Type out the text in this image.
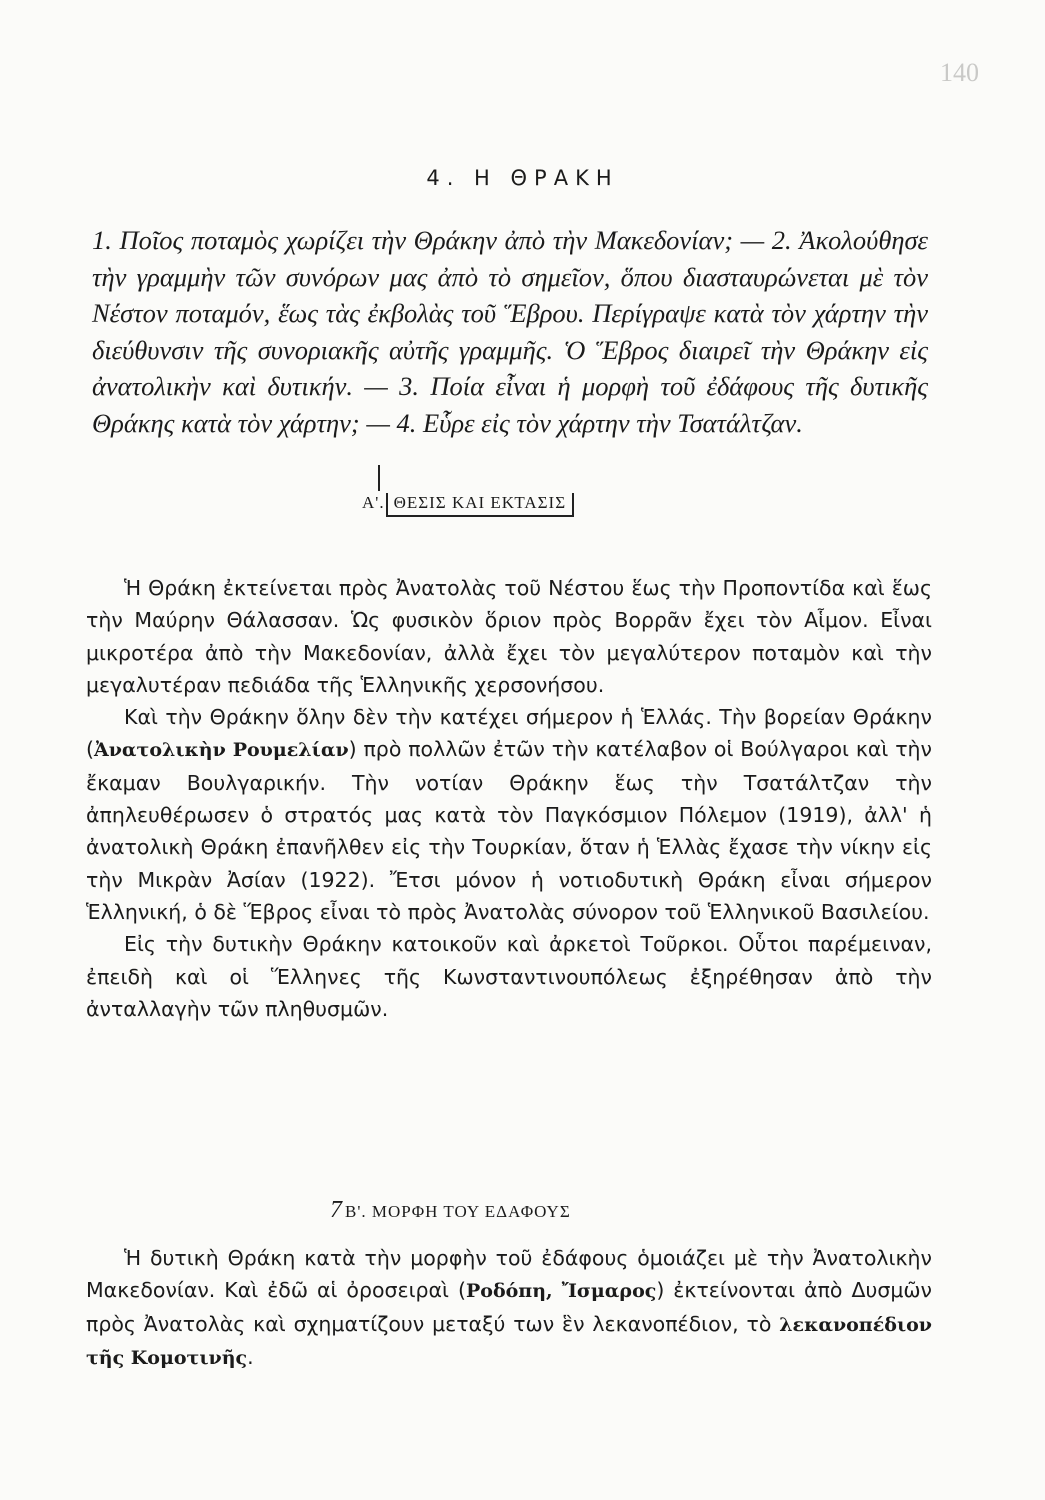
140
4. Η ΘΡΑΚΗ
1. Ποῖος ποταμὸς χωρίζει τὴν Θράκην ἀπὸ τὴν Μακεδονίαν; — 2. Ἀκολούθησε τὴν γραμμὴν τῶν συνόρων μας ἀπὸ τὸ σημεῖον, ὅπου διασταυρώνεται μὲ τὸν Νέστον ποταμόν, ἕως τὰς ἐκβολὰς τοῦ Ἕβρου. Περίγραψε κατὰ τὸν χάρτην τὴν διεύθυνσιν τῆς συνοριακῆς αὐτῆς γραμμῆς. Ὁ Ἕβρος διαιρεῖ τὴν Θράκην εἰς ἀνατολικὴν καὶ δυτικήν. — 3. Ποία εἶναι ἡ μορφὴ τοῦ ἐδάφους τῆς δυτικῆς Θράκης κατὰ τὸν χάρτην; — 4. Εὗρε εἰς τὸν χάρτην τὴν Τσατάλτζαν.
Α'. ΘΕΣΙΣ ΚΑΙ ΕΚΤΑΣΙΣ

Ἡ Θράκη ἐκτείνεται πρὸς Ἀνατολὰς τοῦ Νέστου ἕως τὴν Προποντίδα καὶ ἕως τὴν Μαύρην Θάλασσαν. Ὡς φυσικὸν ὅριον πρὸς Βορρᾶν ἔχει τὸν Αἷμον. Εἶναι μικροτέρα ἀπὸ τὴν Μακεδονίαν, ἀλλὰ ἔχει τὸν μεγαλύτερον ποταμὸν καὶ τὴν μεγαλυτέραν πεδιάδα τῆς Ἑλληνικῆς χερσονήσου.

Καὶ τὴν Θράκην ὅλην δὲν τὴν κατέχει σήμερον ἡ Ἑλλάς. Τὴν βορείαν Θράκην (Ἀνατολικὴν Ρουμελίαν) πρὸ πολλῶν ἐτῶν τὴν κατέλαβον οἱ Βούλγαροι καὶ τὴν ἔκαμαν Βουλγαρικήν. Τὴν νοτίαν Θράκην ἕως τὴν Τσατάλτζαν τὴν ἀπηλευθέρωσεν ὁ στρατός μας κατὰ τὸν Παγκόσμιον Πόλεμον (1919), ἀλλ' ἡ ἀνατολικὴ Θράκη ἐπανῆλθεν εἰς τὴν Τουρκίαν, ὅταν ἡ Ἑλλὰς ἔχασε τὴν νίκην εἰς τὴν Μικρὰν Ἀσίαν (1922). Ἔτσι μόνον ἡ νοτιοδυτικὴ Θράκη εἶναι σήμερον Ἑλληνική, ὁ δὲ Ἕβρος εἶναι τὸ πρὸς Ἀνατολὰς σύνορον τοῦ Ἑλληνικοῦ Βασιλείου.

Εἰς τὴν δυτικὴν Θράκην κατοικοῦν καὶ ἀρκετοὶ Τοῦρκοι. Οὗτοι παρέμειναν, ἐπειδὴ καὶ οἱ Ἕλληνες τῆς Κωνσταντινουπόλεως ἐξηρέθησαν ἀπὸ τὴν ἀνταλλαγὴν τῶν πληθυσμῶν.

7 Β'. ΜΟΡΦΗ ΤΟΥ ΕΔΑΦΟΥΣ

Ἡ δυτικὴ Θράκη κατὰ τὴν μορφὴν τοῦ ἐδάφους ὁμοιάζει μὲ τὴν Ἀνατολικὴν Μακεδονίαν. Καὶ ἐδῶ αἱ ὀροσειραὶ (Ροδόπη, Ἴσμαρος) ἐκτείνονται ἀπὸ Δυσμῶν πρὸς Ἀνατολὰς καὶ σχηματίζουν μεταξύ των ἓν λεκανοπέδιον, τὸ λεκανοπέδιον τῆς Κομοτινῆς.
